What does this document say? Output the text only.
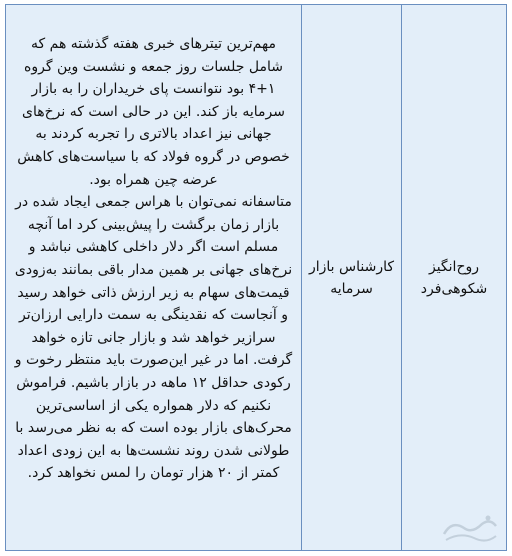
روح‌انگیز شکوهی‌فرد
کارشناس بازار سرمایه

مهم‌ترین تیترهای خبری هفته گذشته هم که شامل جلسات روز جمعه و نشست وین گروه ۱+۴ بود نتوانست پای خریداران را به بازار سرمایه باز کند. این در حالی است که نرخ‌های جهانی نیز اعداد بالاتری را تجربه کردند به خصوص در گروه فولاد که با سیاست‌های کاهش عرضه چین همراه بود.

متاسفانه نمی‌توان با هراس جمعی ایجاد شده در بازار زمان برگشت را پیش‌بینی کرد اما آنچه مسلم است اگر دلار داخلی کاهشی نباشد و نرخ‌های جهانی بر همین مدار باقی بمانند به‌زودی قیمت‌های سهام به زیر ارزش ذاتی خواهد رسید و آنجاست که نقدینگی به سمت دارایی ارزان‌تر سرازیر خواهد شد و بازار جانی تازه خواهد گرفت. اما در غیر این‌صورت باید منتظر رخوت و رکودی حداقل ۱۲ ماهه در بازار باشیم. فراموش نکنیم که دلار همواره یکی از اساسی‌ترین محرک‌های بازار بوده است که به نظر می‌رسد با طولانی شدن روند نشست‌ها به این زودی اعداد کمتر از ۲۰ هزار تومان را لمس نخواهد کرد.
